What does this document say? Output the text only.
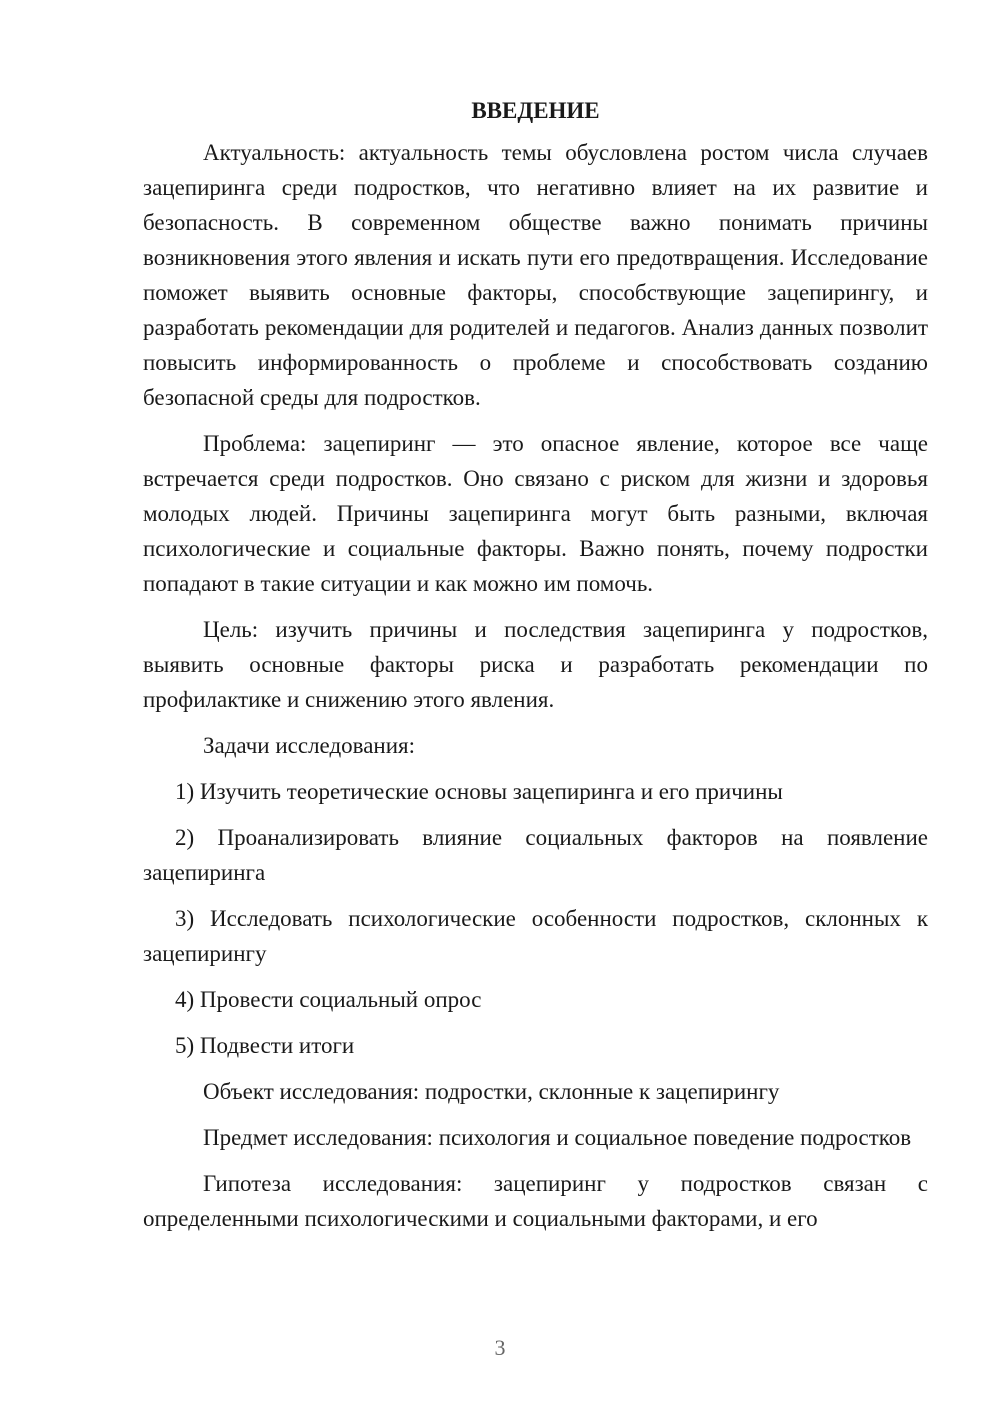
ВВЕДЕНИЕ

Актуальность: актуальность темы обусловлена ростом числа случаев зацепиринга среди подростков, что негативно влияет на их развитие и безопасность. В современном обществе важно понимать причины возникновения этого явления и искать пути его предотвращения. Исследование поможет выявить основные факторы, способствующие зацепирингу, и разработать рекомендации для родителей и педагогов. Анализ данных позволит повысить информированность о проблеме и способствовать созданию безопасной среды для подростков.

Проблема: зацепиринг — это опасное явление, которое все чаще встречается среди подростков. Оно связано с риском для жизни и здоровья молодых людей. Причины зацепиринга могут быть разными, включая психологические и социальные факторы. Важно понять, почему подростки попадают в такие ситуации и как можно им помочь.

Цель: изучить причины и последствия зацепиринга у подростков, выявить основные факторы риска и разработать рекомендации по профилактике и снижению этого явления.

Задачи исследования:

1) Изучить теоретические основы зацепиринга и его причины

2) Проанализировать влияние социальных факторов на появление зацепиринга

3) Исследовать психологические особенности подростков, склонных к зацепирингу

4) Провести социальный опрос

5) Подвести итоги

Объект исследования: подростки, склонные к зацепирингу

Предмет исследования: психология и социальное поведение подростков

Гипотеза исследования: зацепиринг у подростков связан с определенными психологическими и социальными факторами, и его

3
